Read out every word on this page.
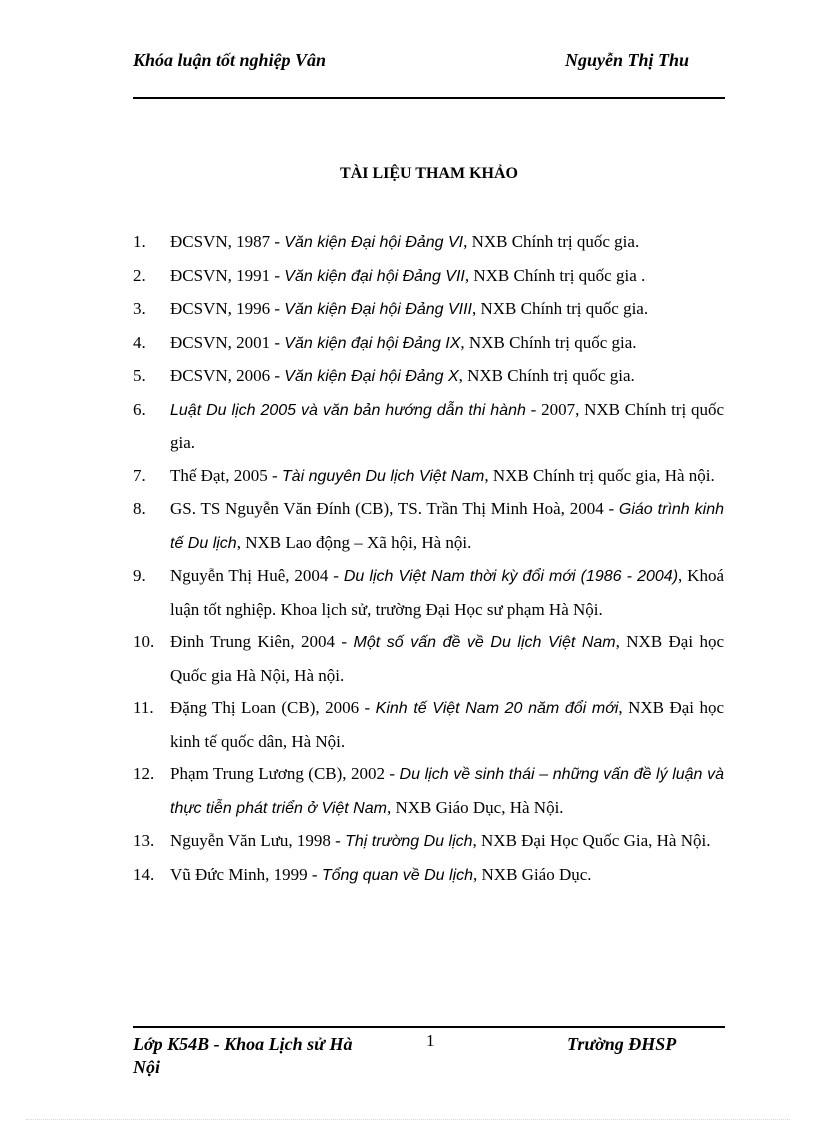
Khóa luận tốt nghiệp Vân	Nguyễn Thị Thu
TÀI LIỆU THAM KHẢO
1. ĐCSVN, 1987 - Văn kiện Đại hội Đảng VI, NXB Chính trị quốc gia.
2. ĐCSVN, 1991 - Văn kiện đại hội Đảng VII, NXB Chính trị quốc gia .
3. ĐCSVN, 1996 - Văn kiện Đại hội Đảng VIII, NXB Chính trị quốc gia.
4. ĐCSVN, 2001 - Văn kiện đại hội Đảng IX, NXB Chính trị quốc gia.
5. ĐCSVN, 2006 - Văn kiện Đại hội Đảng X, NXB Chính trị quốc gia.
6. Luật Du lịch 2005 và văn bản hướng dẫn thi hành - 2007, NXB Chính trị quốc gia.
7. Thế Đạt, 2005 - Tài nguyên Du lịch Việt Nam, NXB Chính trị quốc gia, Hà nội.
8. GS. TS Nguyễn Văn Đính (CB), TS. Trần Thị Minh Hoà, 2004 - Giáo trình kinh tế Du lịch, NXB Lao động – Xã hội, Hà nội.
9. Nguyễn Thị Huê, 2004 - Du lịch Việt Nam thời kỳ đổi mới (1986 - 2004), Khoá luận tốt nghiệp. Khoa lịch sử, trường Đại Học sư phạm Hà Nội.
10. Đinh Trung Kiên, 2004 - Một số vấn đề về Du lịch Việt Nam, NXB Đại học Quốc gia Hà Nội, Hà nội.
11. Đặng Thị Loan (CB), 2006 - Kinh tế Việt Nam 20 năm đổi mới, NXB Đại học kinh tế quốc dân, Hà Nội.
12. Phạm Trung Lương (CB), 2002 - Du lịch về sinh thái – những vấn đề lý luận và thực tiễn phát triển ở Việt Nam, NXB Giáo Dục, Hà Nội.
13. Nguyễn Văn Lưu, 1998 - Thị trường Du lịch, NXB Đại Học Quốc Gia, Hà Nội.
14. Vũ Đức Minh, 1999 - Tổng quan về Du lịch, NXB Giáo Dục.
Lớp K54B - Khoa Lịch sử Hà Nội
1	Trường ĐHSP
